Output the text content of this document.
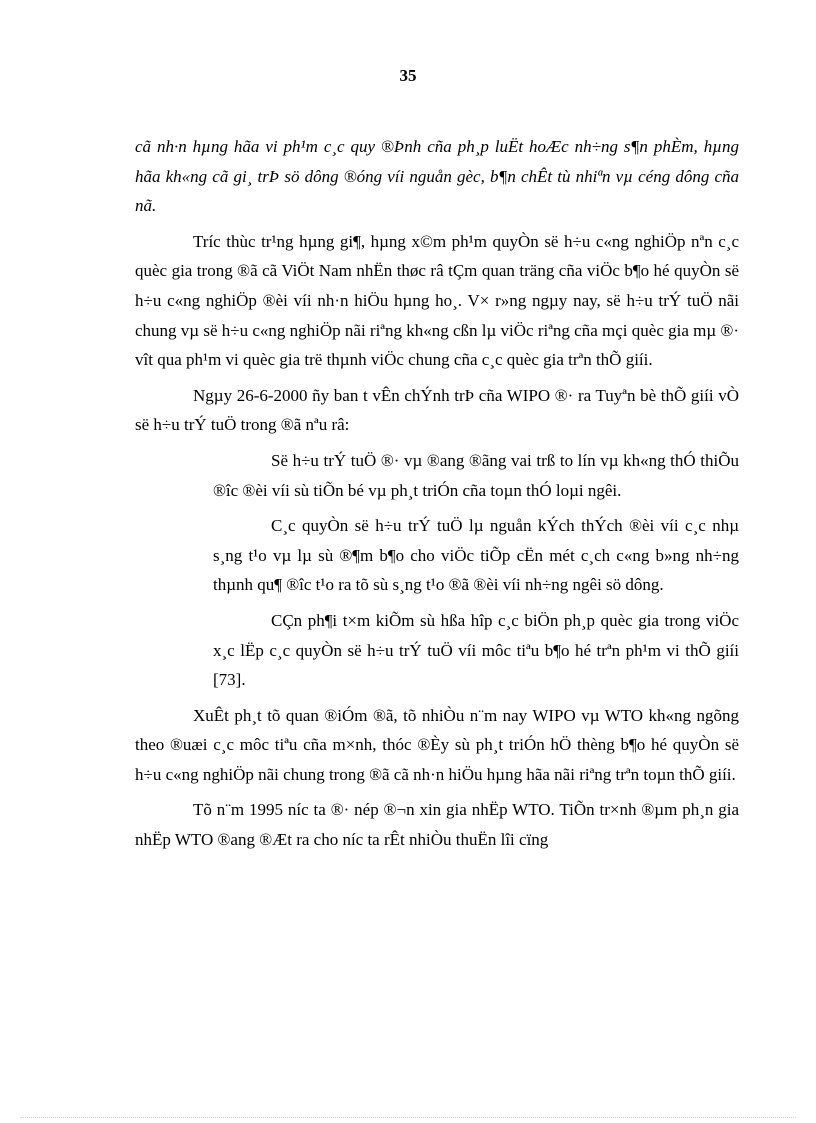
35

cã nh·n hµng hãa vi ph¹m c¸c quy ®Þnh cña ph¸p luËt hoÆc nh÷ng s¶n phÈm, hµng hãa kh«ng cã gi¸ trÞ sö dông ®óng víi nguån gèc, b¶n chÊt tù nhiªn vµ céng dông cña nã.

Tríc thùc tr¹ng hµng gi¶, hµng x©m ph¹m quyÒn së h÷u c«ng nghiÖp nªn c¸c quèc gia trong ®ã cã ViÖt Nam nhËn thøc râ tÇm quan träng cña viÖc b¶o hé quyÒn së h÷u c«ng nghiÖp ®èi víi nh·n hiÖu hµng ho¸. V× r»ng ngµy nay, së h÷u trÝ tuÖ nãi chung vµ së h÷u c«ng nghiÖp nãi riªng kh«ng cßn lµ viÖc riªng cña mçi quèc gia mµ ®· vît qua ph¹m vi quèc gia trë thµnh viÖc chung cña c¸c quèc gia trªn thÕ giíi.

Ngµy 26-6-2000 ñy ban t vÊn chÝnh trÞ cña WIPO ®· ra Tuyªn bè thÕ giíi vÒ së h÷u trÝ tuÖ trong ®ã nªu râ:

Së h÷u trÝ tuÖ ®· vµ ®ang ®ãng vai trß to lín vµ kh«ng thÓ thiÕu ®îc ®èi víi sù tiÕn bé vµ ph¸t triÓn cña toµn thÓ loµi ngêi.

C¸c quyÒn së h÷u trÝ tuÖ lµ nguån kÝch thÝch ®èi víi c¸c nhµ s¸ng t¹o vµ lµ sù ®¶m b¶o cho viÖc tiÕp cËn mét c¸ch c«ng b»ng nh÷ng thµnh qu¶ ®îc t¹o ra tõ sù s¸ng t¹o ®ã ®èi víi nh÷ng ngêi sö dông.

CÇn ph¶i t×m kiÕm sù hßa hîp c¸c biÖn ph¸p quèc gia trong viÖc x¸c lËp c¸c quyÒn së h÷u trÝ tuÖ víi môc tiªu b¶o hé trªn ph¹m vi thÕ giíi [73].

XuÊt ph¸t tõ quan ®iÓm ®ã, tõ nhiÒu n¨m nay WIPO vµ WTO kh«ng ngõng theo ®uæi c¸c môc tiªu cña m×nh, thóc ®Èy sù ph¸t triÓn hÖ thèng b¶o hé quyÒn së h÷u c«ng nghiÖp nãi chung trong ®ã cã nh·n hiÖu hµng hãa nãi riªng trªn toµn thÕ giíi.

Tõ n¨m 1995 níc ta ®· nép ®¬n xin gia nhËp WTO. TiÕn tr×nh ®µm ph¸n gia nhËp WTO ®ang ®Æt ra cho níc ta rÊt nhiÒu thuËn lîi cïng
